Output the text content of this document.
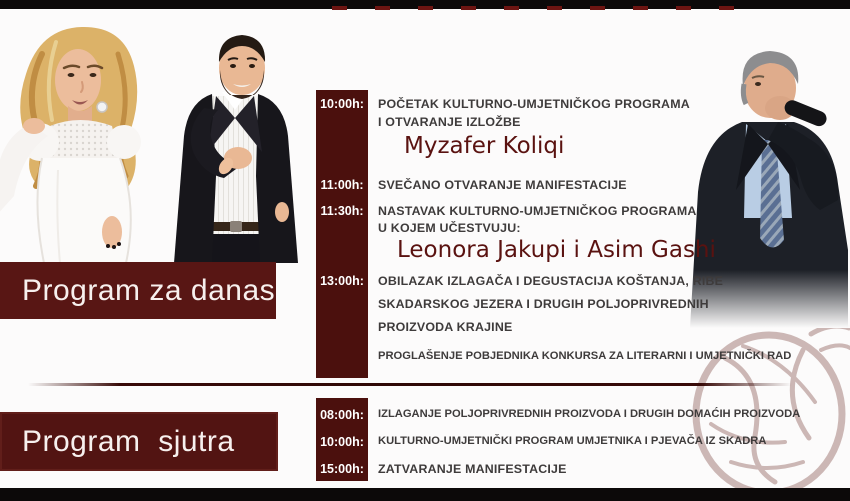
Program za danas
Program  sjutra
10:00h: POČETAK KULTURNO-UMJETNIČKOG PROGRAMA
I OTVARANJE IZLOŽBE
Myzafer Koliqi
11:00h: SVEČANO OTVARANJE MANIFESTACIJE
11:30h: NASTAVAK KULTURNO-UMJETNIČKOG PROGRAMA
U KOJEM UČESTVUJU:
Leonora Jakupi i Asim Gashi
13:00h: OBILAZAK IZLAGAČA I DEGUSTACIJA KOŠTANJA, RIBE
SKADARSKOG JEZERA I DRUGIH POLJOPRIVREDNIH
PROIZVODA KRAJINE
PROGLAŠENJE POBJEDNIKA KONKURSA ZA LITERARNI I UMJETNIČKI RAD
08:00h: IZLAGANJE POLJOPRIVREDNIH PROIZVODA I DRUGIH DOMAĆIH PROIZVODA
10:00h: KULTURNO-UMJETNIČKI PROGRAM UMJETNIKA I PJEVAČA IZ SKADRA
15:00h: ZATVARANJE MANIFESTACIJE
